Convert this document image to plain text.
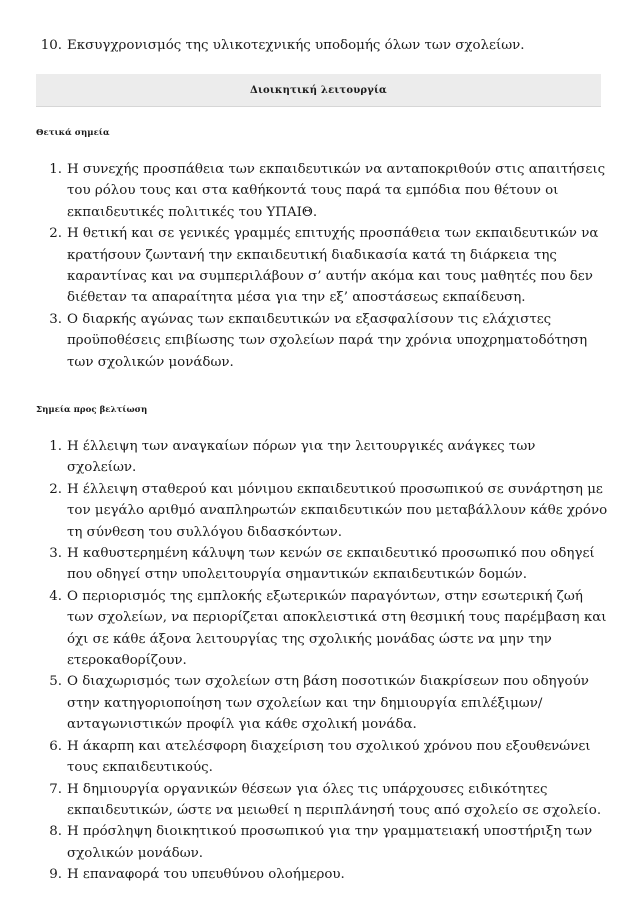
10. Εκσυγχρονισμός της υλικοτεχνικής υποδομής όλων των σχολείων.
Διοικητική λειτουργία
Θετικά σημεία
1. Η συνεχής προσπάθεια των εκπαιδευτικών να ανταποκριθούν στις απαιτήσεις του ρόλου τους και στα καθήκοντά τους παρά τα εμπόδια που θέτουν οι εκπαιδευτικές πολιτικές του ΥΠΑΙΘ.
2. Η θετική και σε γενικές γραμμές επιτυχής προσπάθεια των εκπαιδευτικών να κρατήσουν ζωντανή την εκπαιδευτική διαδικασία κατά τη διάρκεια της καραντίνας και να συμπεριλάβουν σ’ αυτήν ακόμα και τους μαθητές που δεν διέθεταν τα απαραίτητα μέσα για την εξ’ αποστάσεως εκπαίδευση.
3. Ο διαρκής αγώνας των εκπαιδευτικών να εξασφαλίσουν τις ελάχιστες προϋποθέσεις επιβίωσης των σχολείων παρά την χρόνια υποχρηματοδότηση των σχολικών μονάδων.
Σημεία προς βελτίωση
1. Η έλλειψη των αναγκαίων πόρων για την λειτουργικές ανάγκες των σχολείων.
2. Η έλλειψη σταθερού και μόνιμου εκπαιδευτικού προσωπικού σε συνάρτηση με τον μεγάλο αριθμό αναπληρωτών εκπαιδευτικών που μεταβάλλουν κάθε χρόνο τη σύνθεση του συλλόγου διδασκόντων.
3. Η καθυστερημένη κάλυψη των κενών σε εκπαιδευτικό προσωπικό που οδηγεί που οδηγεί στην υπολειτουργία σημαντικών εκπαιδευτικών δομών.
4. Ο περιορισμός της εμπλοκής εξωτερικών παραγόντων, στην εσωτερική ζωή των σχολείων, να περιορίζεται αποκλειστικά στη θεσμική τους παρέμβαση και όχι σε κάθε άξονα λειτουργίας της σχολικής μονάδας ώστε να μην την ετεροκαθορίζουν.
5. Ο διαχωρισμός των σχολείων στη βάση ποσοτικών διακρίσεων που οδηγούν στην κατηγοριοποίηση των σχολείων και την δημιουργία επιλέξιμων/ανταγωνιστικών προφίλ για κάθε σχολική μονάδα.
6. Η άκαρπη και ατελέσφορη διαχείριση του σχολικού χρόνου που εξουθενώνει τους εκπαιδευτικούς.
7. Η δημιουργία οργανικών θέσεων για όλες τις υπάρχουσες ειδικότητες εκπαιδευτικών, ώστε να μειωθεί η περιπλάνησή τους από σχολείο σε σχολείο.
8. Η πρόσληψη διοικητικού προσωπικού για την γραμματειακή υποστήριξη των σχολικών μονάδων.
9. Η επαναφορά του υπευθύνου ολοήμερου.
